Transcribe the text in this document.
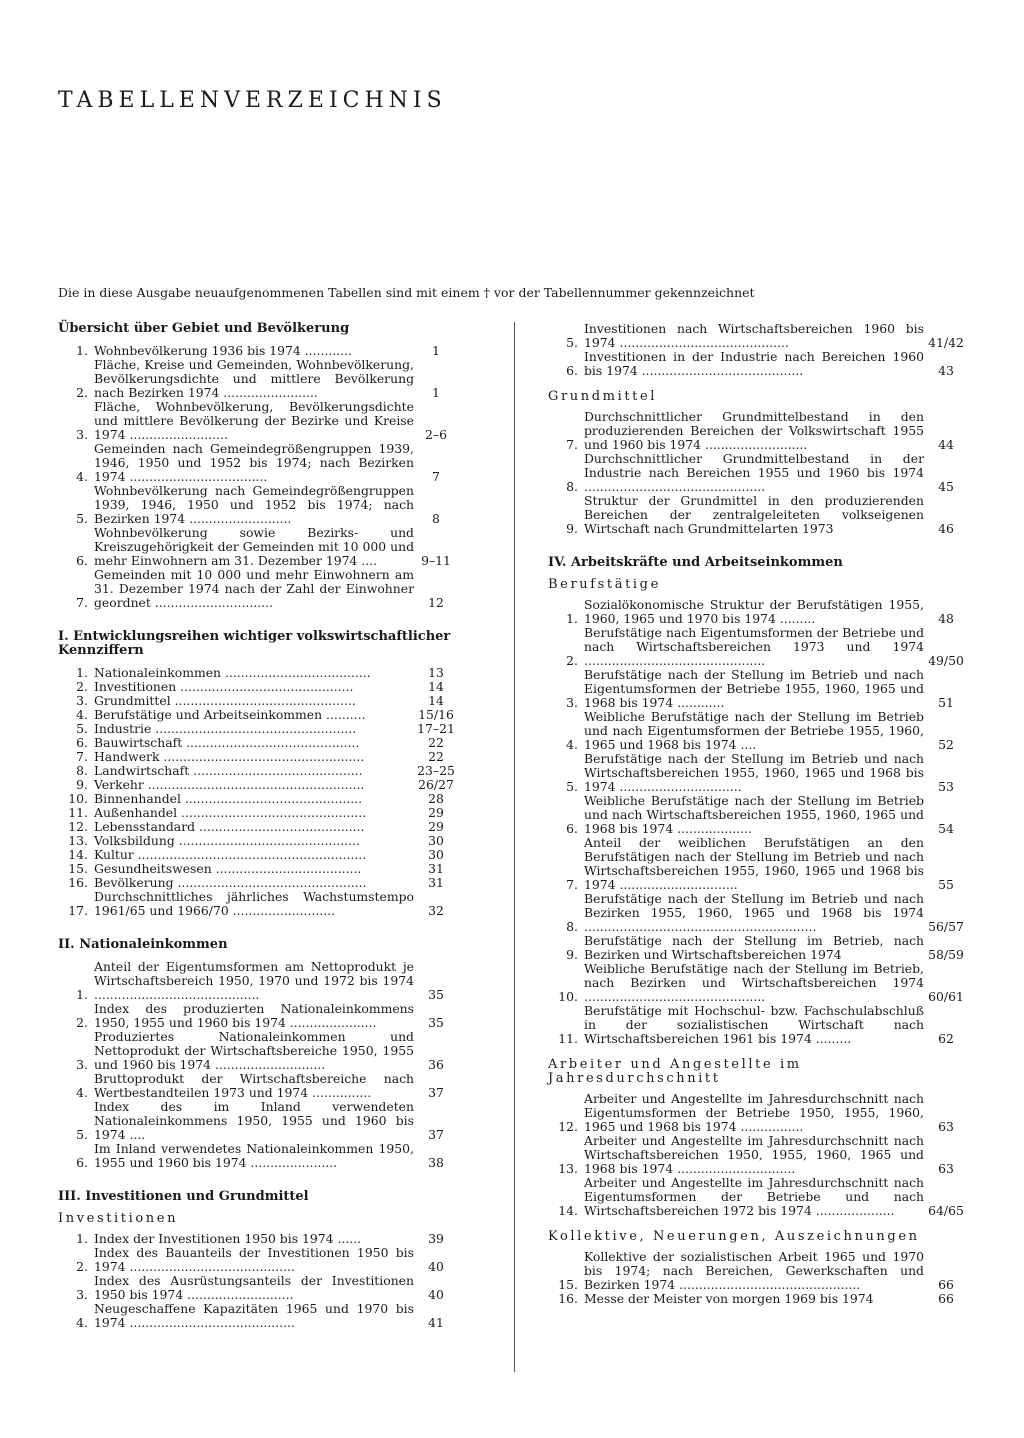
TABELLENVERZEICHNIS
Die in diese Ausgabe neuaufgenommenen Tabellen sind mit einem † vor der Tabellennummer gekennzeichnet
Übersicht über Gebiet und Bevölkerung
1. Wohnbevölkerung 1936 bis 1974 ............	1
2.
Fläche, Kreise und Gemeinden, Wohnbevölkerung, Bevölkerungsdichte und mittlere Bevölkerung nach Bezirken 1974 ........................	1
3.
Fläche, Wohnbevölkerung, Bevölkerungsdichte und mittlere Bevölkerung der Bezirke und Kreise 1974 .........................	2–6
4.
Gemeinden nach Gemeindegrößengruppen 1939, 1946, 1950 und 1952 bis 1974; nach Bezirken 1974 ...................................	7
5.
Wohnbevölkerung nach Gemeindegrößengruppen 1939, 1946, 1950 und 1952 bis 1974; nach Bezirken 1974 ..........................	8
6.
Wohnbevölkerung sowie Bezirks- und Kreiszugehörigkeit der Gemeinden mit 10 000 und mehr Einwohnern am 31. Dezember 1974 ....	9–11
7.
Gemeinden mit 10 000 und mehr Einwohnern am 31. Dezember 1974 nach der Zahl der Einwohner geordnet ..............................	12
I. Entwicklungsreihen wichtiger volkswirtschaftlicher Kennziffern
1. Nationaleinkommen .....................................	13
2. Investitionen ............................................	14
3. Grundmittel ..............................................	14
4. Berufstätige und Arbeitseinkommen ..........	15/16
5. Industrie ...................................................	17–21
6. Bauwirtschaft ............................................	22
7. Handwerk ...................................................	22
8. Landwirtschaft ...........................................	23–25
9. Verkehr .......................................................	26/27
10. Binnenhandel .............................................	28
11. Außenhandel ...............................................	29
12. Lebensstandard ..........................................	29
13. Volksbildung ..............................................	30
14. Kultur ..........................................................	30
15. Gesundheitswesen .....................................	31
16. Bevölkerung ................................................	31
17.
Durchschnittliches jährliches Wachstumstempo 1961/65 und 1966/70 ..........................	32
II. Nationaleinkommen
1.
Anteil der Eigentumsformen am Nettoprodukt je Wirtschaftsbereich 1950, 1970 und 1972 bis 1974 ..........................................	35
2.
Index des produzierten Nationaleinkommens 1950, 1955 und 1960 bis 1974 ......................	35
3.
Produziertes Nationaleinkommen und Nettoprodukt der Wirtschaftsbereiche 1950, 1955 und 1960 bis 1974 ............................	36
4.
Bruttoprodukt der Wirtschaftsbereiche nach Wertbestandteilen 1973 und 1974 ...............	37
5.
Index des im Inland verwendeten Nationaleinkommens 1950, 1955 und 1960 bis 1974 ....	37
6.
Im Inland verwendetes Nationaleinkommen 1950, 1955 und 1960 bis 1974 ......................	38
III. Investitionen und Grundmittel
Investitionen
1. Index der Investitionen 1950 bis 1974 ......	39
2.
Index des Bauanteils der Investitionen 1950 bis 1974 ..........................................	40
3.
Index des Ausrüstungsanteils der Investitionen 1950 bis 1974 ...........................	40
4.
Neugeschaffene Kapazitäten 1965 und 1970 bis 1974 ..........................................	41
5.
Investitionen nach Wirtschaftsbereichen 1960 bis 1974 ...........................................	41/42
6.
Investitionen in der Industrie nach Bereichen 1960 bis 1974 .........................................	43
Grundmittel
7.
Durchschnittlicher Grundmittelbestand in den produzierenden Bereichen der Volkswirtschaft 1955 und 1960 bis 1974 ..........................	44
8.
Durchschnittlicher Grundmittelbestand in der Industrie nach Bereichen 1955 und 1960 bis 1974 ..............................................	45
9.
Struktur der Grundmittel in den produzierenden Bereichen der zentralgeleiteten volkseigenen Wirtschaft nach Grundmittelarten 1973	46
IV. Arbeitskräfte und Arbeitseinkommen
Berufstätige
1.
Sozialökonomische Struktur der Berufstätigen 1955, 1960, 1965 und 1970 bis 1974 .........	48
2.
Berufstätige nach Eigentumsformen der Betriebe und nach Wirtschaftsbereichen 1973 und 1974 ..............................................	49/50
3.
Berufstätige nach der Stellung im Betrieb und nach Eigentumsformen der Betriebe 1955, 1960, 1965 und 1968 bis 1974 ............	51
4.
Weibliche Berufstätige nach der Stellung im Betrieb und nach Eigentumsformen der Betriebe 1955, 1960, 1965 und 1968 bis 1974 ....	52
5.
Berufstätige nach der Stellung im Betrieb und nach Wirtschaftsbereichen 1955, 1960, 1965 und 1968 bis 1974 ...............................	53
6.
Weibliche Berufstätige nach der Stellung im Betrieb und nach Wirtschaftsbereichen 1955, 1960, 1965 und 1968 bis 1974 ...................	54
7.
Anteil der weiblichen Berufstätigen an den Berufstätigen nach der Stellung im Betrieb und nach Wirtschaftsbereichen 1955, 1960, 1965 und 1968 bis 1974 ..............................	55
8.
Berufstätige nach der Stellung im Betrieb und nach Bezirken 1955, 1960, 1965 und 1968 bis 1974 ...........................................................	56/57
9.
Berufstätige nach der Stellung im Betrieb, nach Bezirken und Wirtschaftsbereichen 1974	58/59
10.
Weibliche Berufstätige nach der Stellung im Betrieb, nach Bezirken und Wirtschaftsbereichen 1974 ..............................................	60/61
11.
Berufstätige mit Hochschul- bzw. Fachschulabschluß in der sozialistischen Wirtschaft nach Wirtschaftsbereichen 1961 bis 1974 .........	62
Arbeiter und Angestellte im Jahresdurchschnitt
12.
Arbeiter und Angestellte im Jahresdurchschnitt nach Eigentumsformen der Betriebe 1950, 1955, 1960, 1965 und 1968 bis 1974 ................	63
13.
Arbeiter und Angestellte im Jahresdurchschnitt nach Wirtschaftsbereichen 1950, 1955, 1960, 1965 und 1968 bis 1974 ..............................	63
14.
Arbeiter und Angestellte im Jahresdurchschnitt nach Eigentumsformen der Betriebe und nach Wirtschaftsbereichen 1972 bis 1974 ....................	64/65
Kollektive, Neuerungen, Auszeichnungen
15.
Kollektive der sozialistischen Arbeit 1965 und 1970 bis 1974; nach Bereichen, Gewerkschaften und Bezirken 1974 ..............................................	66
16. Messe der Meister von morgen 1969 bis 1974	66
